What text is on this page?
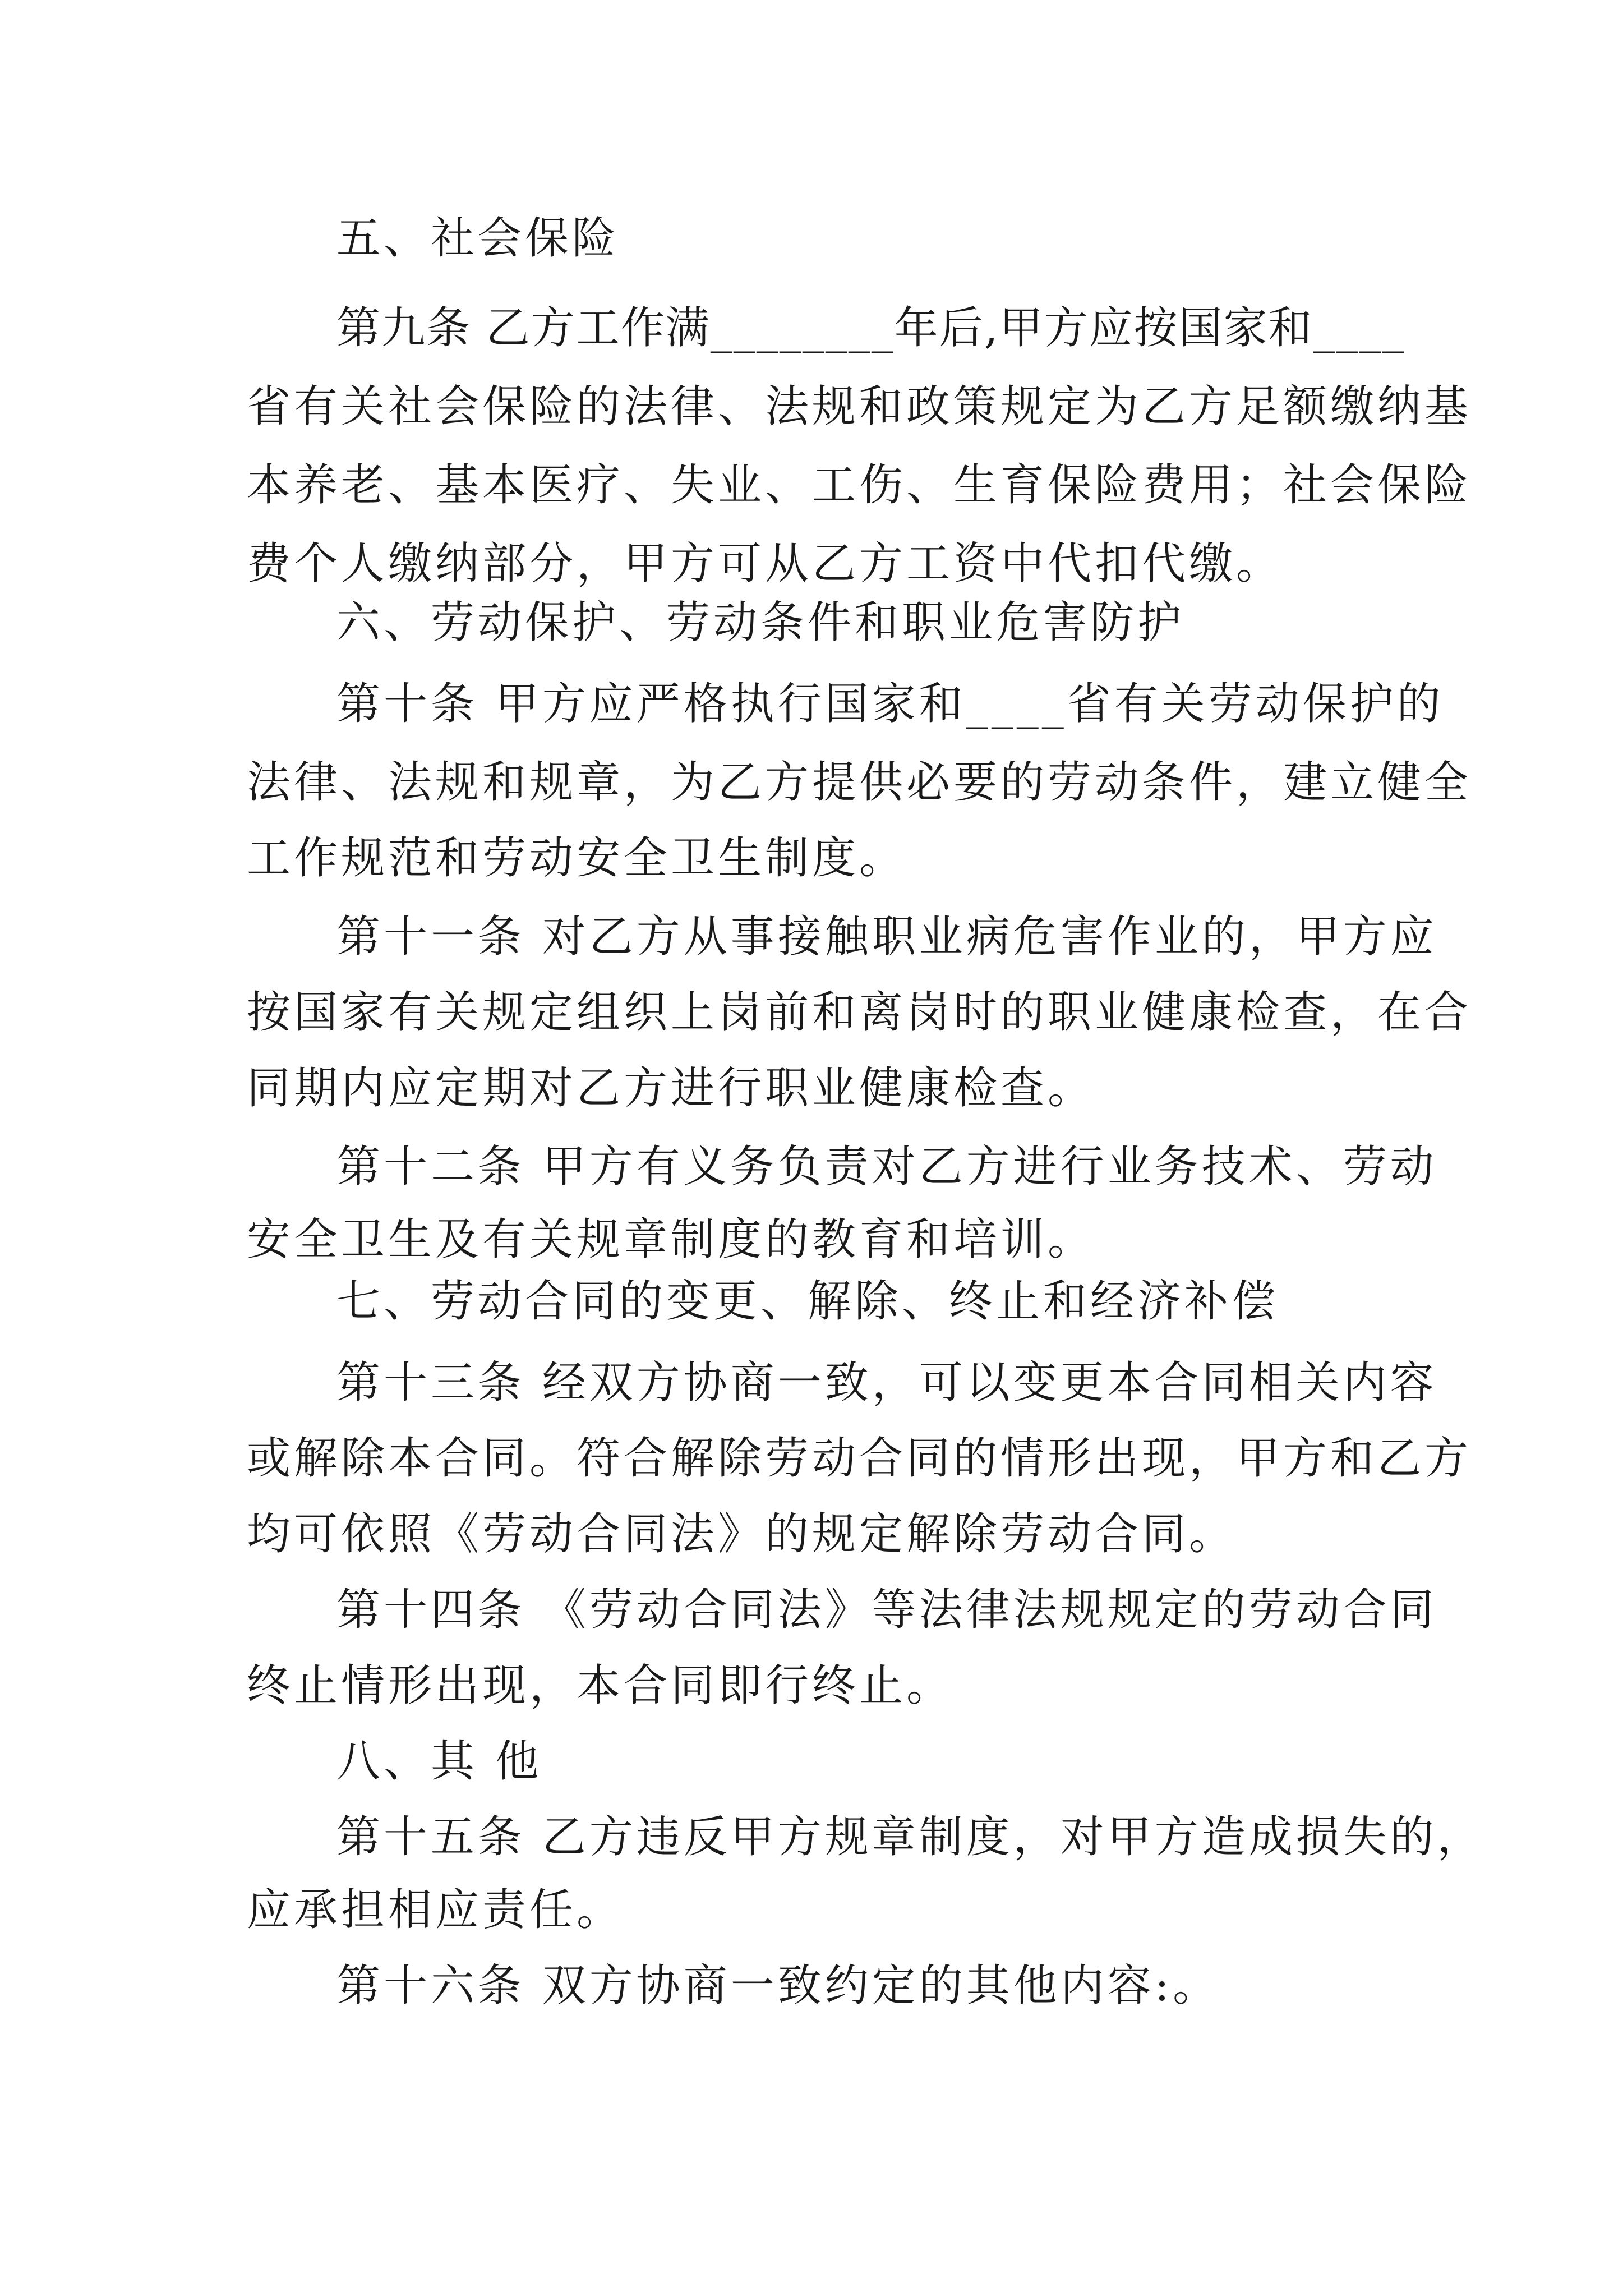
五、社会保险
第九条 乙方工作满________年后,甲方应按国家和____
省有关社会保险的法律、法规和政策规定为乙方足额缴纳基
本养老、基本医疗、失业、工伤、生育保险费用；社会保险
费个人缴纳部分，甲方可从乙方工资中代扣代缴。
六、劳动保护、劳动条件和职业危害防护
第十条 甲方应严格执行国家和____省有关劳动保护的
法律、法规和规章，为乙方提供必要的劳动条件，建立健全
工作规范和劳动安全卫生制度。
第十一条 对乙方从事接触职业病危害作业的，甲方应
按国家有关规定组织上岗前和离岗时的职业健康检查，在合
同期内应定期对乙方进行职业健康检查。
第十二条 甲方有义务负责对乙方进行业务技术、劳动
安全卫生及有关规章制度的教育和培训。
七、劳动合同的变更、解除、终止和经济补偿
第十三条 经双方协商一致，可以变更本合同相关内容
或解除本合同。符合解除劳动合同的情形出现，甲方和乙方
均可依照《劳动合同法》的规定解除劳动合同。
第十四条 《劳动合同法》等法律法规规定的劳动合同
终止情形出现，本合同即行终止。
八、其 他
第十五条 乙方违反甲方规章制度，对甲方造成损失的，
应承担相应责任。
第十六条 双方协商一致约定的其他内容:。
